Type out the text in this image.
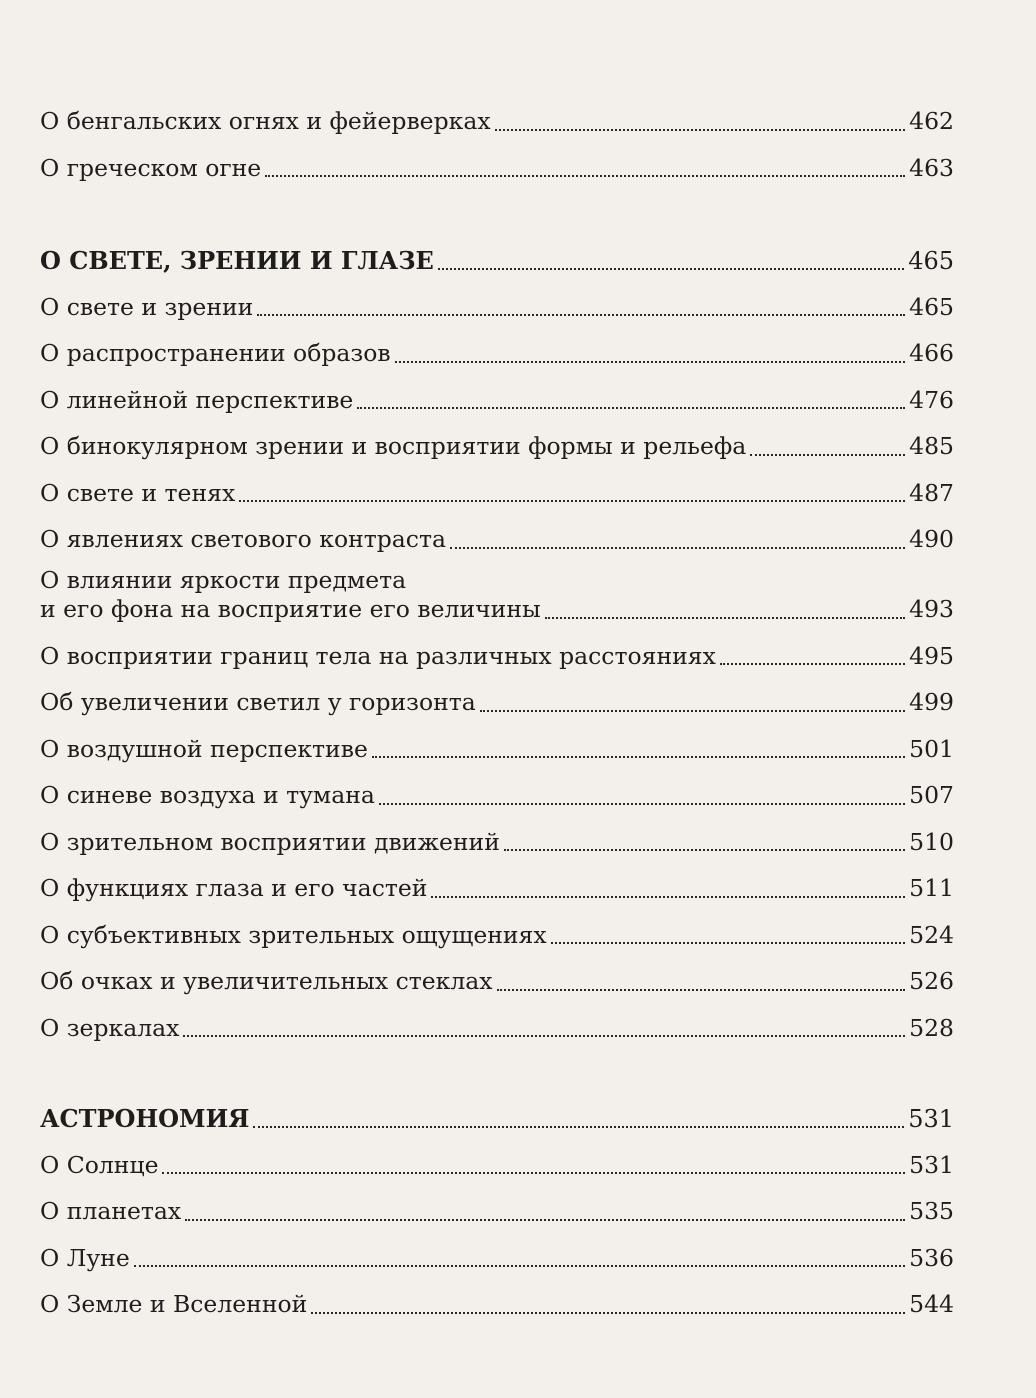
О бенгальских огнях и фейерверках	462
О греческом огне	463
О СВЕТЕ, ЗРЕНИИ И ГЛАЗЕ	465
О свете и зрении	465
О распространении образов	466
О линейной перспективе	476
О бинокулярном зрении и восприятии формы и рельефа	485
О свете и тенях	487
О явлениях светового контраста	490
О влиянии яркости предмета
и его фона на восприятие его величины	493
О восприятии границ тела на различных расстояниях	495
Об увеличении светил у горизонта	499
О воздушной перспективе	501
О синеве воздуха и тумана	507
О зрительном восприятии движений	510
О функциях глаза и его частей	511
О субъективных зрительных ощущениях	524
Об очках и увеличительных стеклах	526
О зеркалах	528
АСТРОНОМИЯ	531
О Солнце	531
О планетах	535
О Луне	536
О Земле и Вселенной	544
